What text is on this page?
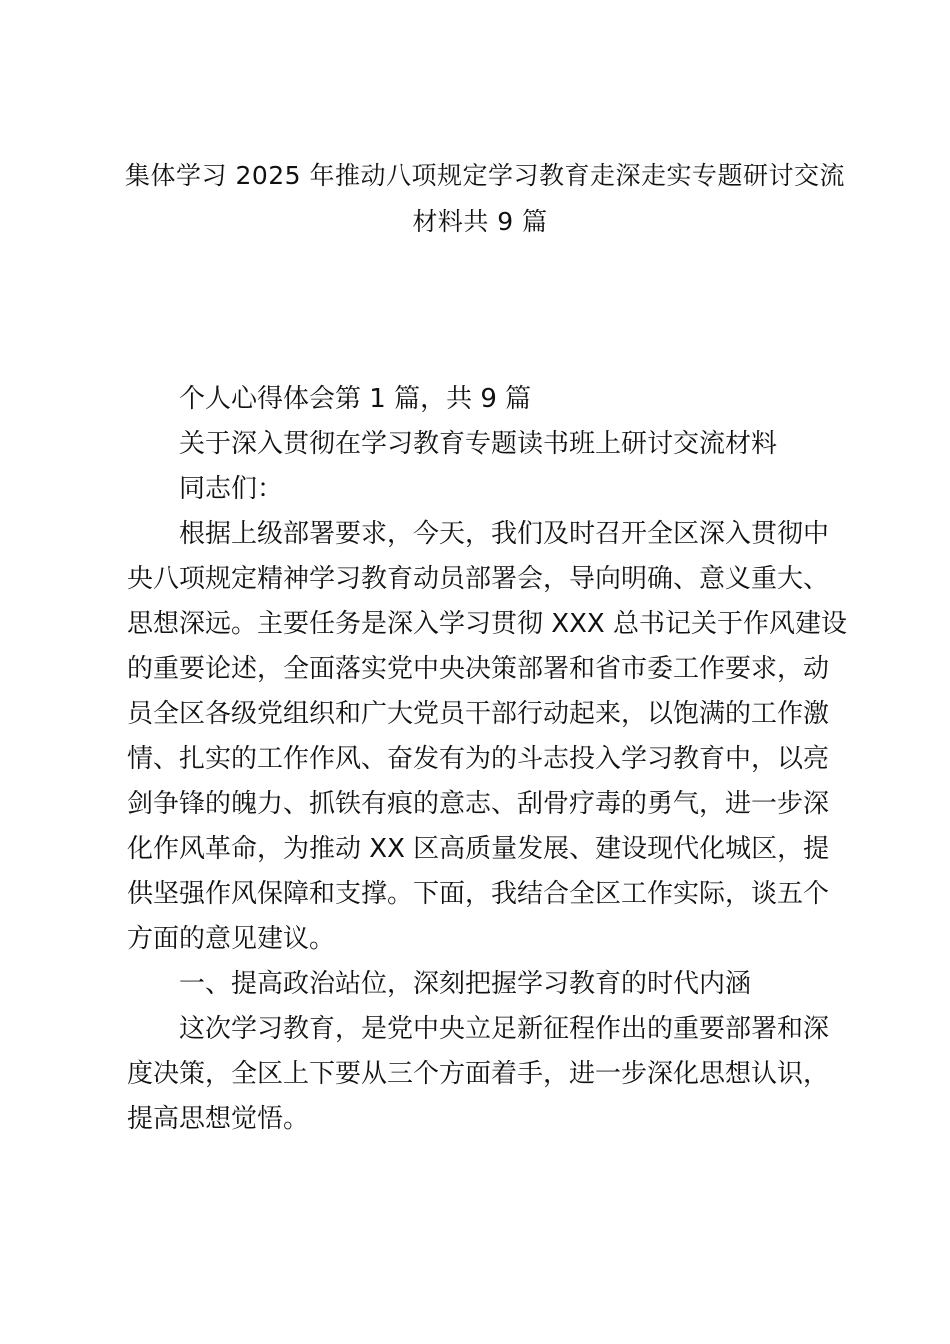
集体学习 2025 年推动八项规定学习教育走深走实专题研讨交流
材料共 9 篇
个人心得体会第 1 篇，共 9 篇
关于深入贯彻在学习教育专题读书班上研讨交流材料
同志们：
根据上级部署要求，今天，我们及时召开全区深入贯彻中
央八项规定精神学习教育动员部署会，导向明确、意义重大、
思想深远。主要任务是深入学习贯彻 XXX 总书记关于作风建设
的重要论述，全面落实党中央决策部署和省市委工作要求，动
员全区各级党组织和广大党员干部行动起来，以饱满的工作激
情、扎实的工作作风、奋发有为的斗志投入学习教育中，以亮
剑争锋的魄力、抓铁有痕的意志、刮骨疗毒的勇气，进一步深
化作风革命，为推动 XX 区高质量发展、建设现代化城区，提
供坚强作风保障和支撑。下面，我结合全区工作实际，谈五个
方面的意见建议。
一、提高政治站位，深刻把握学习教育的时代内涵
这次学习教育，是党中央立足新征程作出的重要部署和深
度决策，全区上下要从三个方面着手，进一步深化思想认识，
提高思想觉悟。
